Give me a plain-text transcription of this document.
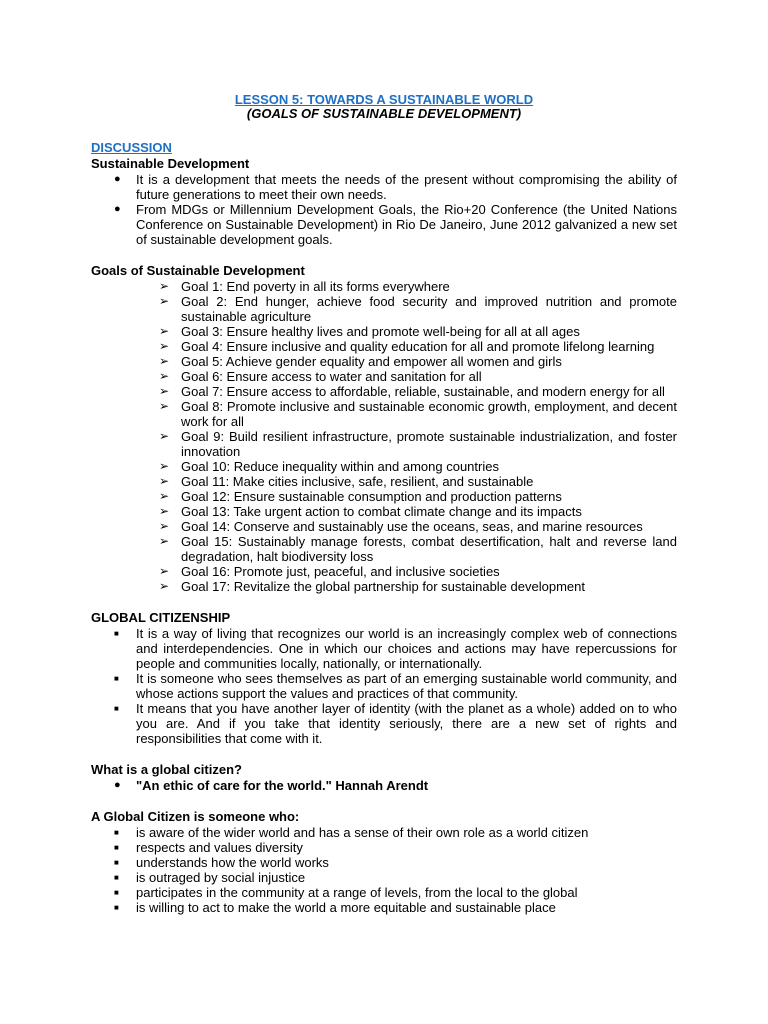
LESSON 5: TOWARDS A SUSTAINABLE WORLD
(GOALS OF SUSTAINABLE DEVELOPMENT)
DISCUSSION
Sustainable Development
● It is a development that meets the needs of the present without compromising the ability of future generations to meet their own needs.
● From MDGs or Millennium Development Goals, the Rio+20 Conference (the United Nations Conference on Sustainable Development) in Rio De Janeiro, June 2012 galvanized a new set of sustainable development goals.
Goals of Sustainable Development
➢ Goal 1: End poverty in all its forms everywhere
➢ Goal 2: End hunger, achieve food security and improved nutrition and promote sustainable agriculture
➢ Goal 3: Ensure healthy lives and promote well-being for all at all ages
➢ Goal 4: Ensure inclusive and quality education for all and promote lifelong learning
➢ Goal 5: Achieve gender equality and empower all women and girls
➢ Goal 6: Ensure access to water and sanitation for all
➢ Goal 7: Ensure access to affordable, reliable, sustainable, and modern energy for all
➢ Goal 8: Promote inclusive and sustainable economic growth, employment, and decent work for all
➢ Goal 9: Build resilient infrastructure, promote sustainable industrialization, and foster innovation
➢ Goal 10: Reduce inequality within and among countries
➢ Goal 11: Make cities inclusive, safe, resilient, and sustainable
➢ Goal 12: Ensure sustainable consumption and production patterns
➢ Goal 13: Take urgent action to combat climate change and its impacts
➢ Goal 14: Conserve and sustainably use the oceans, seas, and marine resources
➢ Goal 15: Sustainably manage forests, combat desertification, halt and reverse land degradation, halt biodiversity loss
➢ Goal 16: Promote just, peaceful, and inclusive societies
➢ Goal 17: Revitalize the global partnership for sustainable development
GLOBAL CITIZENSHIP
■ It is a way of living that recognizes our world is an increasingly complex web of connections and interdependencies. One in which our choices and actions may have repercussions for people and communities locally, nationally, or internationally.
■ It is someone who sees themselves as part of an emerging sustainable world community, and whose actions support the values and practices of that community.
■ It means that you have another layer of identity (with the planet as a whole) added on to who you are. And if you take that identity seriously, there are a new set of rights and responsibilities that come with it.
What is a global citizen?
● "An ethic of care for the world." Hannah Arendt
A Global Citizen is someone who:
■ is aware of the wider world and has a sense of their own role as a world citizen
■ respects and values diversity
■ understands how the world works
■ is outraged by social injustice
■ participates in the community at a range of levels, from the local to the global
■ is willing to act to make the world a more equitable and sustainable place
